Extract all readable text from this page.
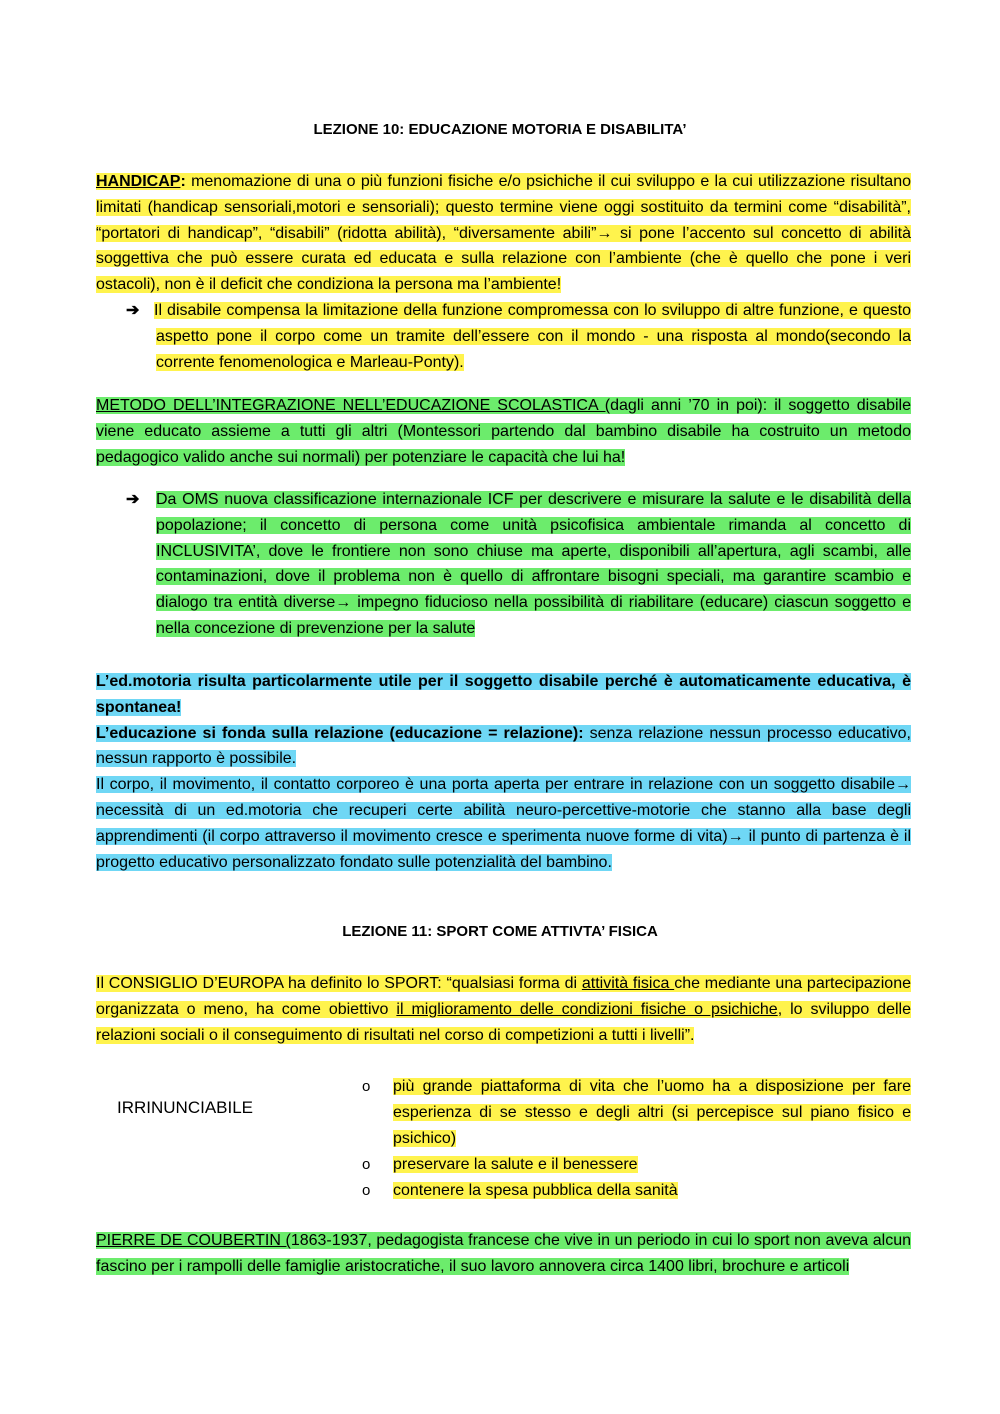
LEZIONE 10: EDUCAZIONE MOTORIA E DISABILITA’
HANDICAP: menomazione di una o più funzioni fisiche e/o psichiche il cui sviluppo e la cui utilizzazione risultano limitati (handicap sensoriali,motori e sensoriali); questo termine viene oggi sostituito da termini come “disabilità”, “portatori di handicap”, “disabili” (ridotta abilità), “diversamente abili”→ si pone l’accento sul concetto di abilità soggettiva che può essere curata ed educata e sulla relazione con l’ambiente (che è quello che pone i veri ostacoli), non è il deficit che condiziona la persona ma l’ambiente!
➔ Il disabile compensa la limitazione della funzione compromessa con lo sviluppo di altre funzione, e questo aspetto pone il corpo come un tramite dell’essere con il mondo - una risposta al mondo(secondo la corrente fenomenologica e Marleau-Ponty).
METODO DELL’INTEGRAZIONE NELL’EDUCAZIONE SCOLASTICA (dagli anni ’70 in poi): il soggetto disabile viene educato assieme a tutti gli altri (Montessori partendo dal bambino disabile ha costruito un metodo pedagogico valido anche sui normali) per potenziare le capacità che lui ha!
➔ Da OMS nuova classificazione internazionale ICF per descrivere e misurare la salute e le disabilità della popolazione; il concetto di persona come unità psicofisica ambientale rimanda al concetto di INCLUSIVITA’, dove le frontiere non sono chiuse ma aperte, disponibili all’apertura, agli scambi, alle contaminazioni, dove il problema non è quello di affrontare bisogni speciali, ma garantire scambio e dialogo tra entità diverse→ impegno fiducioso nella possibilità di riabilitare (educare) ciascun soggetto e nella concezione di prevenzione per la salute
L’ed.motoria risulta particolarmente utile per il soggetto disabile perché è automaticamente educativa, è spontanea!
L’educazione si fonda sulla relazione (educazione = relazione): senza relazione nessun processo educativo, nessun rapporto è possibile.
Il corpo, il movimento, il contatto corporeo è una porta aperta per entrare in relazione con un soggetto disabile→ necessità di un ed.motoria che recuperi certe abilità neuro-percettive-motorie che stanno alla base degli apprendimenti (il corpo attraverso il movimento cresce e sperimenta nuove forme di vita)→ il punto di partenza è il progetto educativo personalizzato fondato sulle potenzialità del bambino.
LEZIONE 11: SPORT COME ATTIVTA’ FISICA
Il CONSIGLIO D’EUROPA ha definito lo SPORT: “qualsiasi forma di attività fisica che mediante una partecipazione organizzata o meno, ha come obiettivo il miglioramento delle condizioni fisiche o psichiche, lo sviluppo delle relazioni sociali o il conseguimento di risultati nel corso di competizioni a tutti i livelli”.
IRRINUNCIABILE
o più grande piattaforma di vita che l’uomo ha a disposizione per fare esperienza di se stesso e degli altri (si percepisce sul piano fisico e psichico)
o preservare la salute e il benessere
o contenere la spesa pubblica della sanità
PIERRE DE COUBERTIN (1863-1937, pedagogista francese che vive in un periodo in cui lo sport non aveva alcun fascino per i rampolli delle famiglie aristocratiche, il suo lavoro annovera circa 1400 libri, brochure e articoli
